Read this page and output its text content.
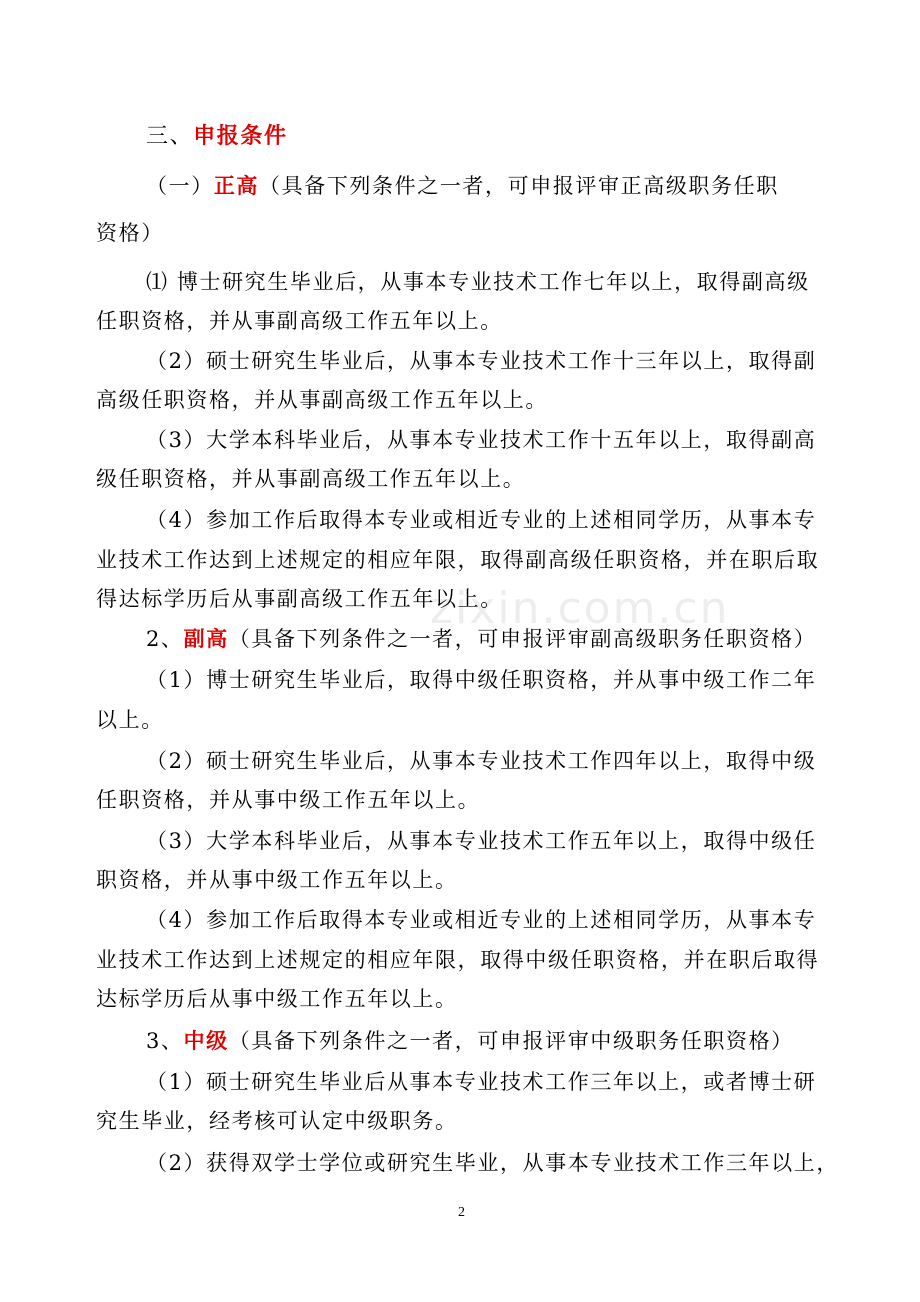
三、申报条件
（一）正高（具备下列条件之一者，可申报评审正高级职务任职
资格）
⑴ 博士研究生毕业后，从事本专业技术工作七年以上，取得副高级
任职资格，并从事副高级工作五年以上。
（2）硕士研究生毕业后，从事本专业技术工作十三年以上，取得副
高级任职资格，并从事副高级工作五年以上。
（3）大学本科毕业后，从事本专业技术工作十五年以上，取得副高
级任职资格，并从事副高级工作五年以上。
（4）参加工作后取得本专业或相近专业的上述相同学历，从事本专
业技术工作达到上述规定的相应年限，取得副高级任职资格，并在职后取
得达标学历后从事副高级工作五年以上。
2、副高（具备下列条件之一者，可申报评审副高级职务任职资格）
（1）博士研究生毕业后，取得中级任职资格，并从事中级工作二年
以上。
（2）硕士研究生毕业后，从事本专业技术工作四年以上，取得中级
任职资格，并从事中级工作五年以上。
（3）大学本科毕业后，从事本专业技术工作五年以上，取得中级任
职资格，并从事中级工作五年以上。
（4）参加工作后取得本专业或相近专业的上述相同学历，从事本专
业技术工作达到上述规定的相应年限，取得中级任职资格，并在职后取得
达标学历后从事中级工作五年以上。
3、中级（具备下列条件之一者，可申报评审中级职务任职资格）
（1）硕士研究生毕业后从事本专业技术工作三年以上，或者博士研
究生毕业，经考核可认定中级职务。
（2）获得双学士学位或研究生毕业，从事本专业技术工作三年以上，
zixin.com.cn
2
